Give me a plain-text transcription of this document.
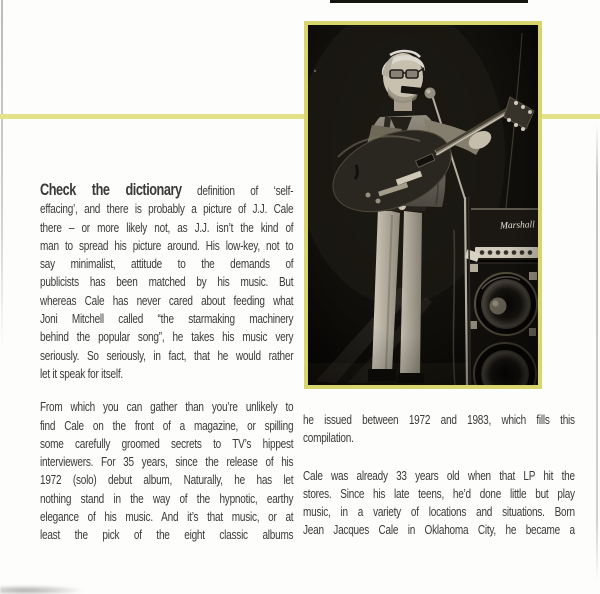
Check the dictionary definition of ‘self-
effacing’, and there is probably a picture of J.J. Cale
there – or more likely not, as J.J. isn’t the kind of
man to spread his picture around. His low-key, not to
say minimalist, attitude to the demands of
publicists has been matched by his music. But
whereas Cale has never cared about feeding what
Joni Mitchell called “the starmaking machinery
behind the popular song”, he takes his music very
seriously. So seriously, in fact, that he would rather
let it speak for itself.
From which you can gather than you’re unlikely to
find Cale on the front of a magazine, or spilling
some carefully groomed secrets to TV’s hippest
interviewers. For 35 years, since the release of his
1972 (solo) debut album, Naturally, he has let
nothing stand in the way of the hypnotic, earthy
elegance of his music. And it’s that music, or at
least the pick of the eight classic albums
he issued between 1972 and 1983, which fills this
compilation.
Cale was already 33 years old when that LP hit the
stores. Since his late teens, he’d done little but play
music, in a variety of locations and situations. Born
Jean Jacques Cale in Oklahoma City, he became a
